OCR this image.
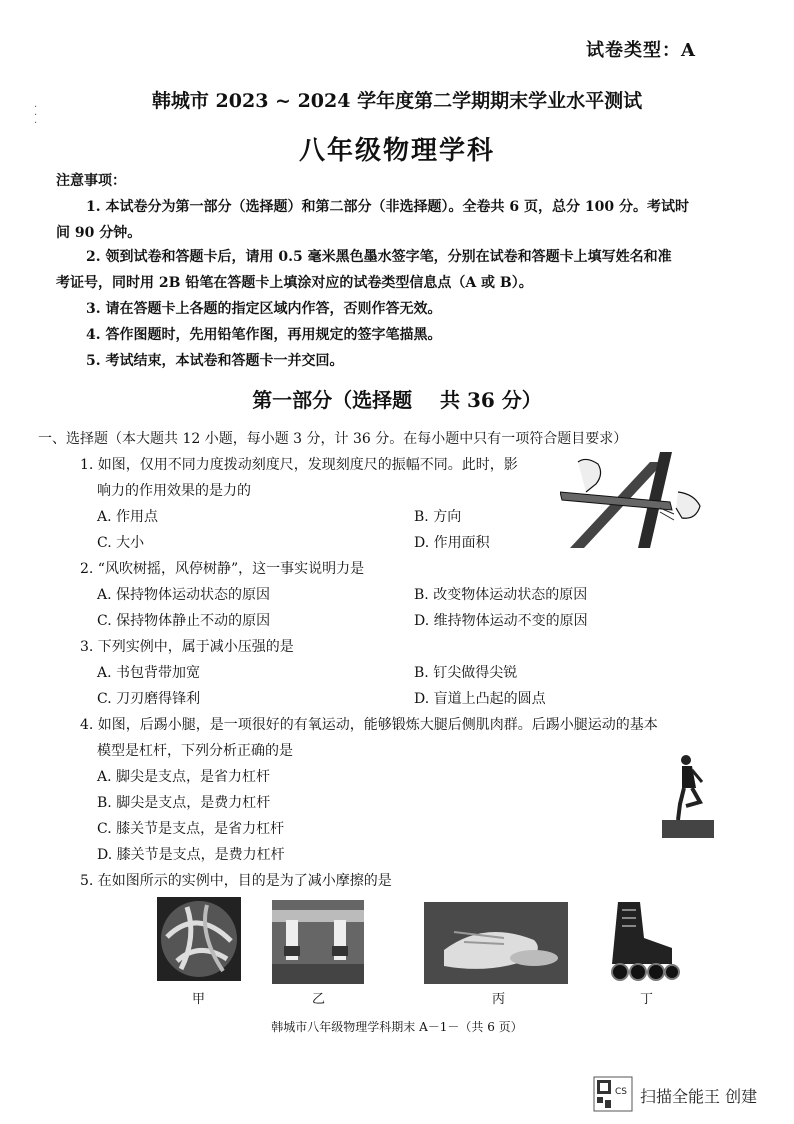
·
·
·
试卷类型：A
韩城市 2023 ~ 2024 学年度第二学期期末学业水平测试
八年级物理学科
注意事项：
1. 本试卷分为第一部分（选择题）和第二部分（非选择题）。全卷共 6 页，总分 100 分。考试时
间 90 分钟。
2. 领到试卷和答题卡后，请用 0.5 毫米黑色墨水签字笔，分别在试卷和答题卡上填写姓名和准
考证号，同时用 2B 铅笔在答题卡上填涂对应的试卷类型信息点（A 或 B）。
3. 请在答题卡上各题的指定区域内作答，否则作答无效。
4. 答作图题时，先用铅笔作图，再用规定的签字笔描黑。
5. 考试结束，本试卷和答题卡一并交回。
第一部分（选择题    共 36 分）
一、选择题（本大题共 12 小题，每小题 3 分，计 36 分。在每小题中只有一项符合题目要求）
1. 如图，仅用不同力度拨动刻度尺，发现刻度尺的振幅不同。此时，影
响力的作用效果的是力的
A. 作用点	B. 方向
C. 大小	D. 作用面积
2. “风吹树摇，风停树静”，这一事实说明力是
A. 保持物体运动状态的原因	B. 改变物体运动状态的原因
C. 保持物体静止不动的原因	D. 维持物体运动不变的原因
3. 下列实例中，属于减小压强的是
A. 书包背带加宽	B. 钉尖做得尖锐
C. 刀刃磨得锋利	D. 盲道上凸起的圆点
4. 如图，后踢小腿，是一项很好的有氧运动，能够锻炼大腿后侧肌肉群。后踢小腿运动的基本
模型是杠杆，下列分析正确的是
A. 脚尖是支点，是省力杠杆
B. 脚尖是支点，是费力杠杆
C. 膝关节是支点，是省力杠杆
D. 膝关节是支点，是费力杠杆
5. 在如图所示的实例中，目的是为了减小摩擦的是
甲	乙	丙	丁
韩城市八年级物理学科期末 A－1－（共 6 页）
CS 扫描全能王 创建
